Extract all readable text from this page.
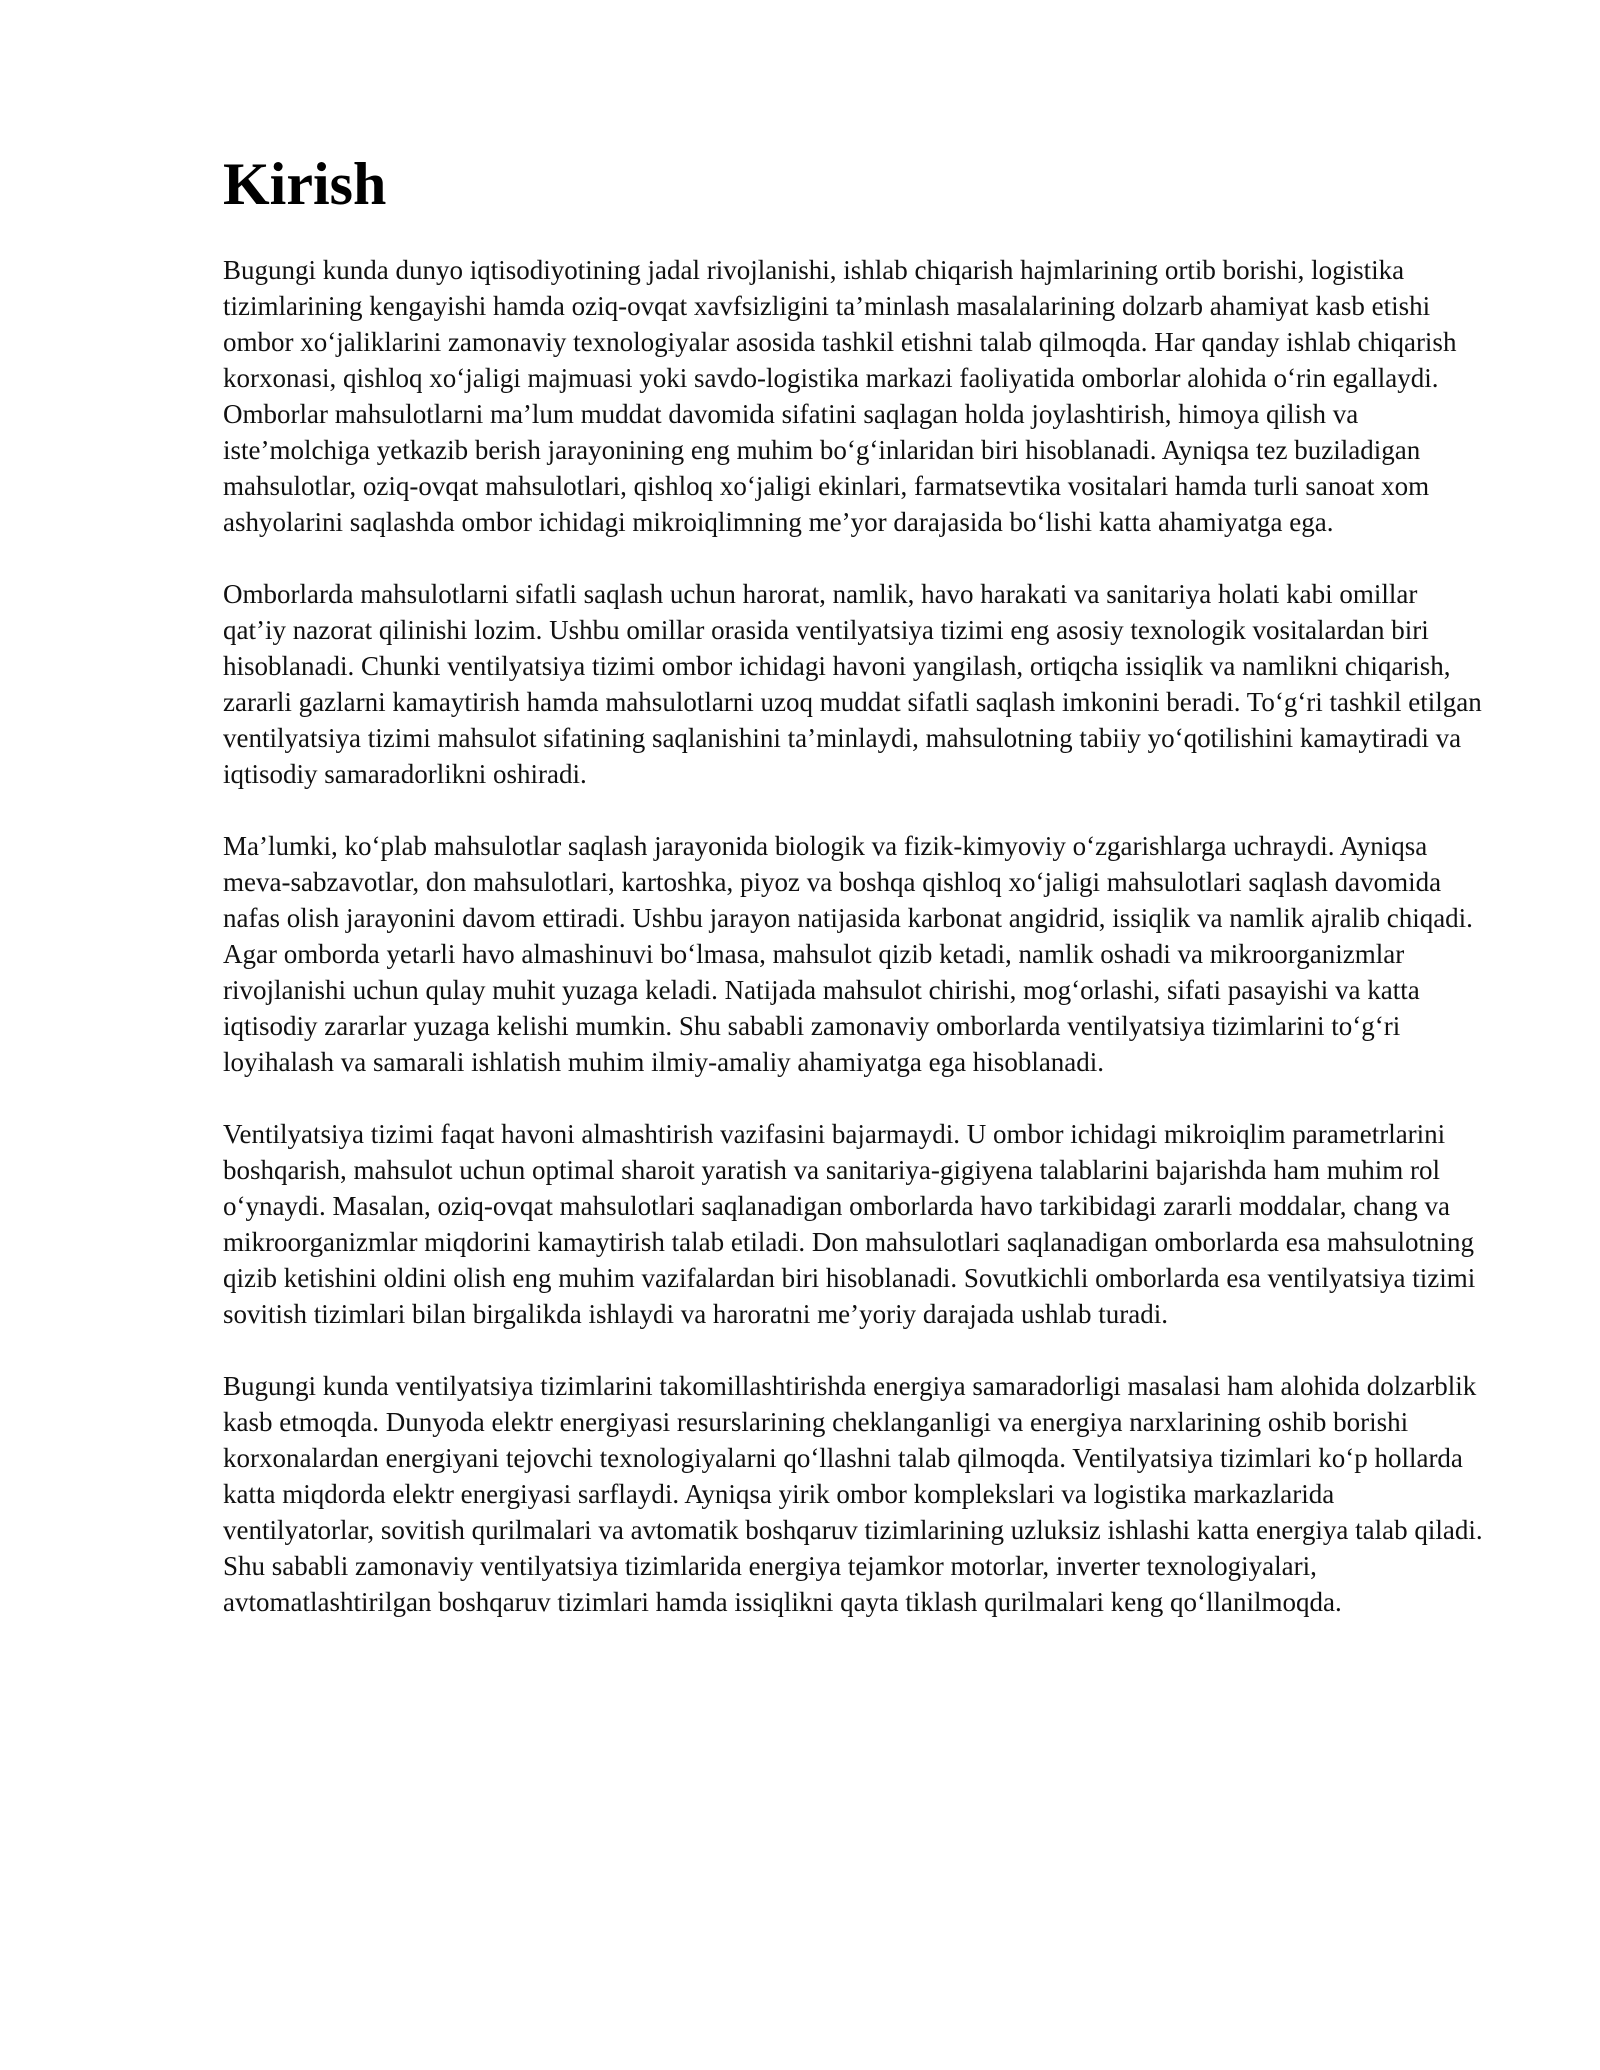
Kirish

Bugungi kunda dunyo iqtisodiyotining jadal rivojlanishi, ishlab chiqarish hajmlarining ortib borishi, logistika tizimlarining kengayishi hamda oziq-ovqat xavfsizligini ta’minlash masalalarining dolzarb ahamiyat kasb etishi ombor xo‘jaliklarini zamonaviy texnologiyalar asosida tashkil etishni talab qilmoqda. Har qanday ishlab chiqarish korxonasi, qishloq xo‘jaligi majmuasi yoki savdo-logistika markazi faoliyatida omborlar alohida o‘rin egallaydi. Omborlar mahsulotlarni ma’lum muddat davomida sifatini saqlagan holda joylashtirish, himoya qilish va iste’molchiga yetkazib berish jarayonining eng muhim bo‘g‘inlaridan biri hisoblanadi. Ayniqsa tez buziladigan mahsulotlar, oziq-ovqat mahsulotlari, qishloq xo‘jaligi ekinlari, farmatsevtika vositalari hamda turli sanoat xom ashyolarini saqlashda ombor ichidagi mikroiqlimning me’yor darajasida bo‘lishi katta ahamiyatga ega.

Omborlarda mahsulotlarni sifatli saqlash uchun harorat, namlik, havo harakati va sanitariya holati kabi omillar qat’iy nazorat qilinishi lozim. Ushbu omillar orasida ventilyatsiya tizimi eng asosiy texnologik vositalardan biri hisoblanadi. Chunki ventilyatsiya tizimi ombor ichidagi havoni yangilash, ortiqcha issiqlik va namlikni chiqarish, zararli gazlarni kamaytirish hamda mahsulotlarni uzoq muddat sifatli saqlash imkonini beradi. To‘g‘ri tashkil etilgan ventilyatsiya tizimi mahsulot sifatining saqlanishini ta’minlaydi, mahsulotning tabiiy yo‘qotilishini kamaytiradi va iqtisodiy samaradorlikni oshiradi.

Ma’lumki, ko‘plab mahsulotlar saqlash jarayonida biologik va fizik-kimyoviy o‘zgarishlarga uchraydi. Ayniqsa meva-sabzavotlar, don mahsulotlari, kartoshka, piyoz va boshqa qishloq xo‘jaligi mahsulotlari saqlash davomida nafas olish jarayonini davom ettiradi. Ushbu jarayon natijasida karbonat angidrid, issiqlik va namlik ajralib chiqadi. Agar omborda yetarli havo almashinuvi bo‘lmasa, mahsulot qizib ketadi, namlik oshadi va mikroorganizmlar rivojlanishi uchun qulay muhit yuzaga keladi. Natijada mahsulot chirishi, mog‘orlashi, sifati pasayishi va katta iqtisodiy zararlar yuzaga kelishi mumkin. Shu sababli zamonaviy omborlarda ventilyatsiya tizimlarini to‘g‘ri loyihalash va samarali ishlatish muhim ilmiy-amaliy ahamiyatga ega hisoblanadi.

Ventilyatsiya tizimi faqat havoni almashtirish vazifasini bajarmaydi. U ombor ichidagi mikroiqlim parametrlarini boshqarish, mahsulot uchun optimal sharoit yaratish va sanitariya-gigiyena talablarini bajarishda ham muhim rol o‘ynaydi. Masalan, oziq-ovqat mahsulotlari saqlanadigan omborlarda havo tarkibidagi zararli moddalar, chang va mikroorganizmlar miqdorini kamaytirish talab etiladi. Don mahsulotlari saqlanadigan omborlarda esa mahsulotning qizib ketishini oldini olish eng muhim vazifalardan biri hisoblanadi. Sovutkichli omborlarda esa ventilyatsiya tizimi sovitish tizimlari bilan birgalikda ishlaydi va haroratni me’yoriy darajada ushlab turadi.

Bugungi kunda ventilyatsiya tizimlarini takomillashtirishda energiya samaradorligi masalasi ham alohida dolzarblik kasb etmoqda. Dunyoda elektr energiyasi resurslarining cheklanganligi va energiya narxlarining oshib borishi korxonalardan energiyani tejovchi texnologiyalarni qo‘llashni talab qilmoqda. Ventilyatsiya tizimlari ko‘p hollarda katta miqdorda elektr energiyasi sarflaydi. Ayniqsa yirik ombor komplekslari va logistika markazlarida ventilyatorlar, sovitish qurilmalari va avtomatik boshqaruv tizimlarining uzluksiz ishlashi katta energiya talab qiladi. Shu sababli zamonaviy ventilyatsiya tizimlarida energiya tejamkor motorlar, inverter texnologiyalari, avtomatlashtirilgan boshqaruv tizimlari hamda issiqlikni qayta tiklash qurilmalari keng qo‘llanilmoqda.
